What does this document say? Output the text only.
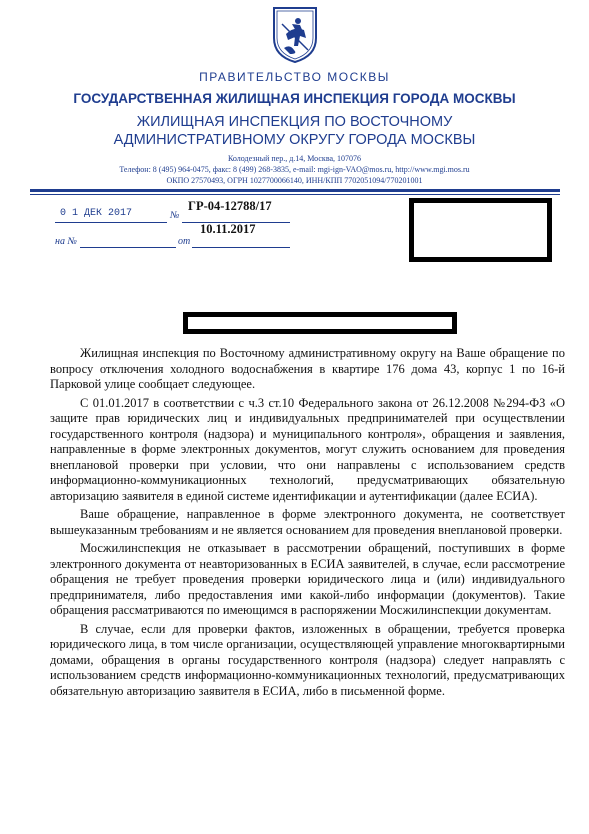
ПРАВИТЕЛЬСТВО МОСКВЫ
ГОСУДАРСТВЕННАЯ ЖИЛИЩНАЯ ИНСПЕКЦИЯ ГОРОДА МОСКВЫ
ЖИЛИЩНАЯ ИНСПЕКЦИЯ ПО ВОСТОЧНОМУ
АДМИНИСТРАТИВНОМУ ОКРУГУ ГОРОДА МОСКВЫ
Колодезный пер., д.14, Москва, 107076
Телефон: 8 (495) 964-0475, факс: 8 (499) 268-3835, e-mail: mgi-ign-VAO@mos.ru, http://www.mgi.mos.ru
ОКПО 27570493, ОГРН 1027700066140, ИНН/КПП 7702051094/770201001
0 1 ДЕК 2017	№
ГР-04-12788/17
10.11.2017
на №	от

Жилищная инспекция по Восточному административному округу на Ваше обращение по вопросу отключения холодного водоснабжения в квартире 176 дома 43, корпус 1 по 16-й Парковой улице сообщает следующее.

С 01.01.2017 в соответствии с ч.3 ст.10 Федерального закона от 26.12.2008 №294-ФЗ «О защите прав юридических лиц и индивидуальных предпринимателей при осуществлении государственного контроля (надзора) и муниципального контроля», обращения и заявления, направленные в форме электронных документов, могут служить основанием для проведения внеплановой проверки при условии, что они направлены с использованием средств информационно-коммуникационных технологий, предусматривающих обязательную авторизацию заявителя в единой системе идентификации и аутентификации (далее ЕСИА).

Ваше обращение, направленное в форме электронного документа, не соответствует вышеуказанным требованиям и не является основанием для проведения внеплановой проверки.

Мосжилинспекция не отказывает в рассмотрении обращений, поступивших в форме электронного документа от неавторизованных в ЕСИА заявителей, в случае, если рассмотрение обращения не требует проведения проверки юридического лица и (или) индивидуального предпринимателя, либо предоставления ими какой-либо информации (документов). Такие обращения рассматриваются по имеющимся в распоряжении Мосжилинспекции документам.

В случае, если для проверки фактов, изложенных в обращении, требуется проверка юридического лица, в том числе организации, осуществляющей управление многоквартирными домами, обращения в органы государственного контроля (надзора) следует направлять с использованием средств информационно-коммуникационных технологий, предусматривающих обязательную авторизацию заявителя в ЕСИА, либо в письменной форме.
